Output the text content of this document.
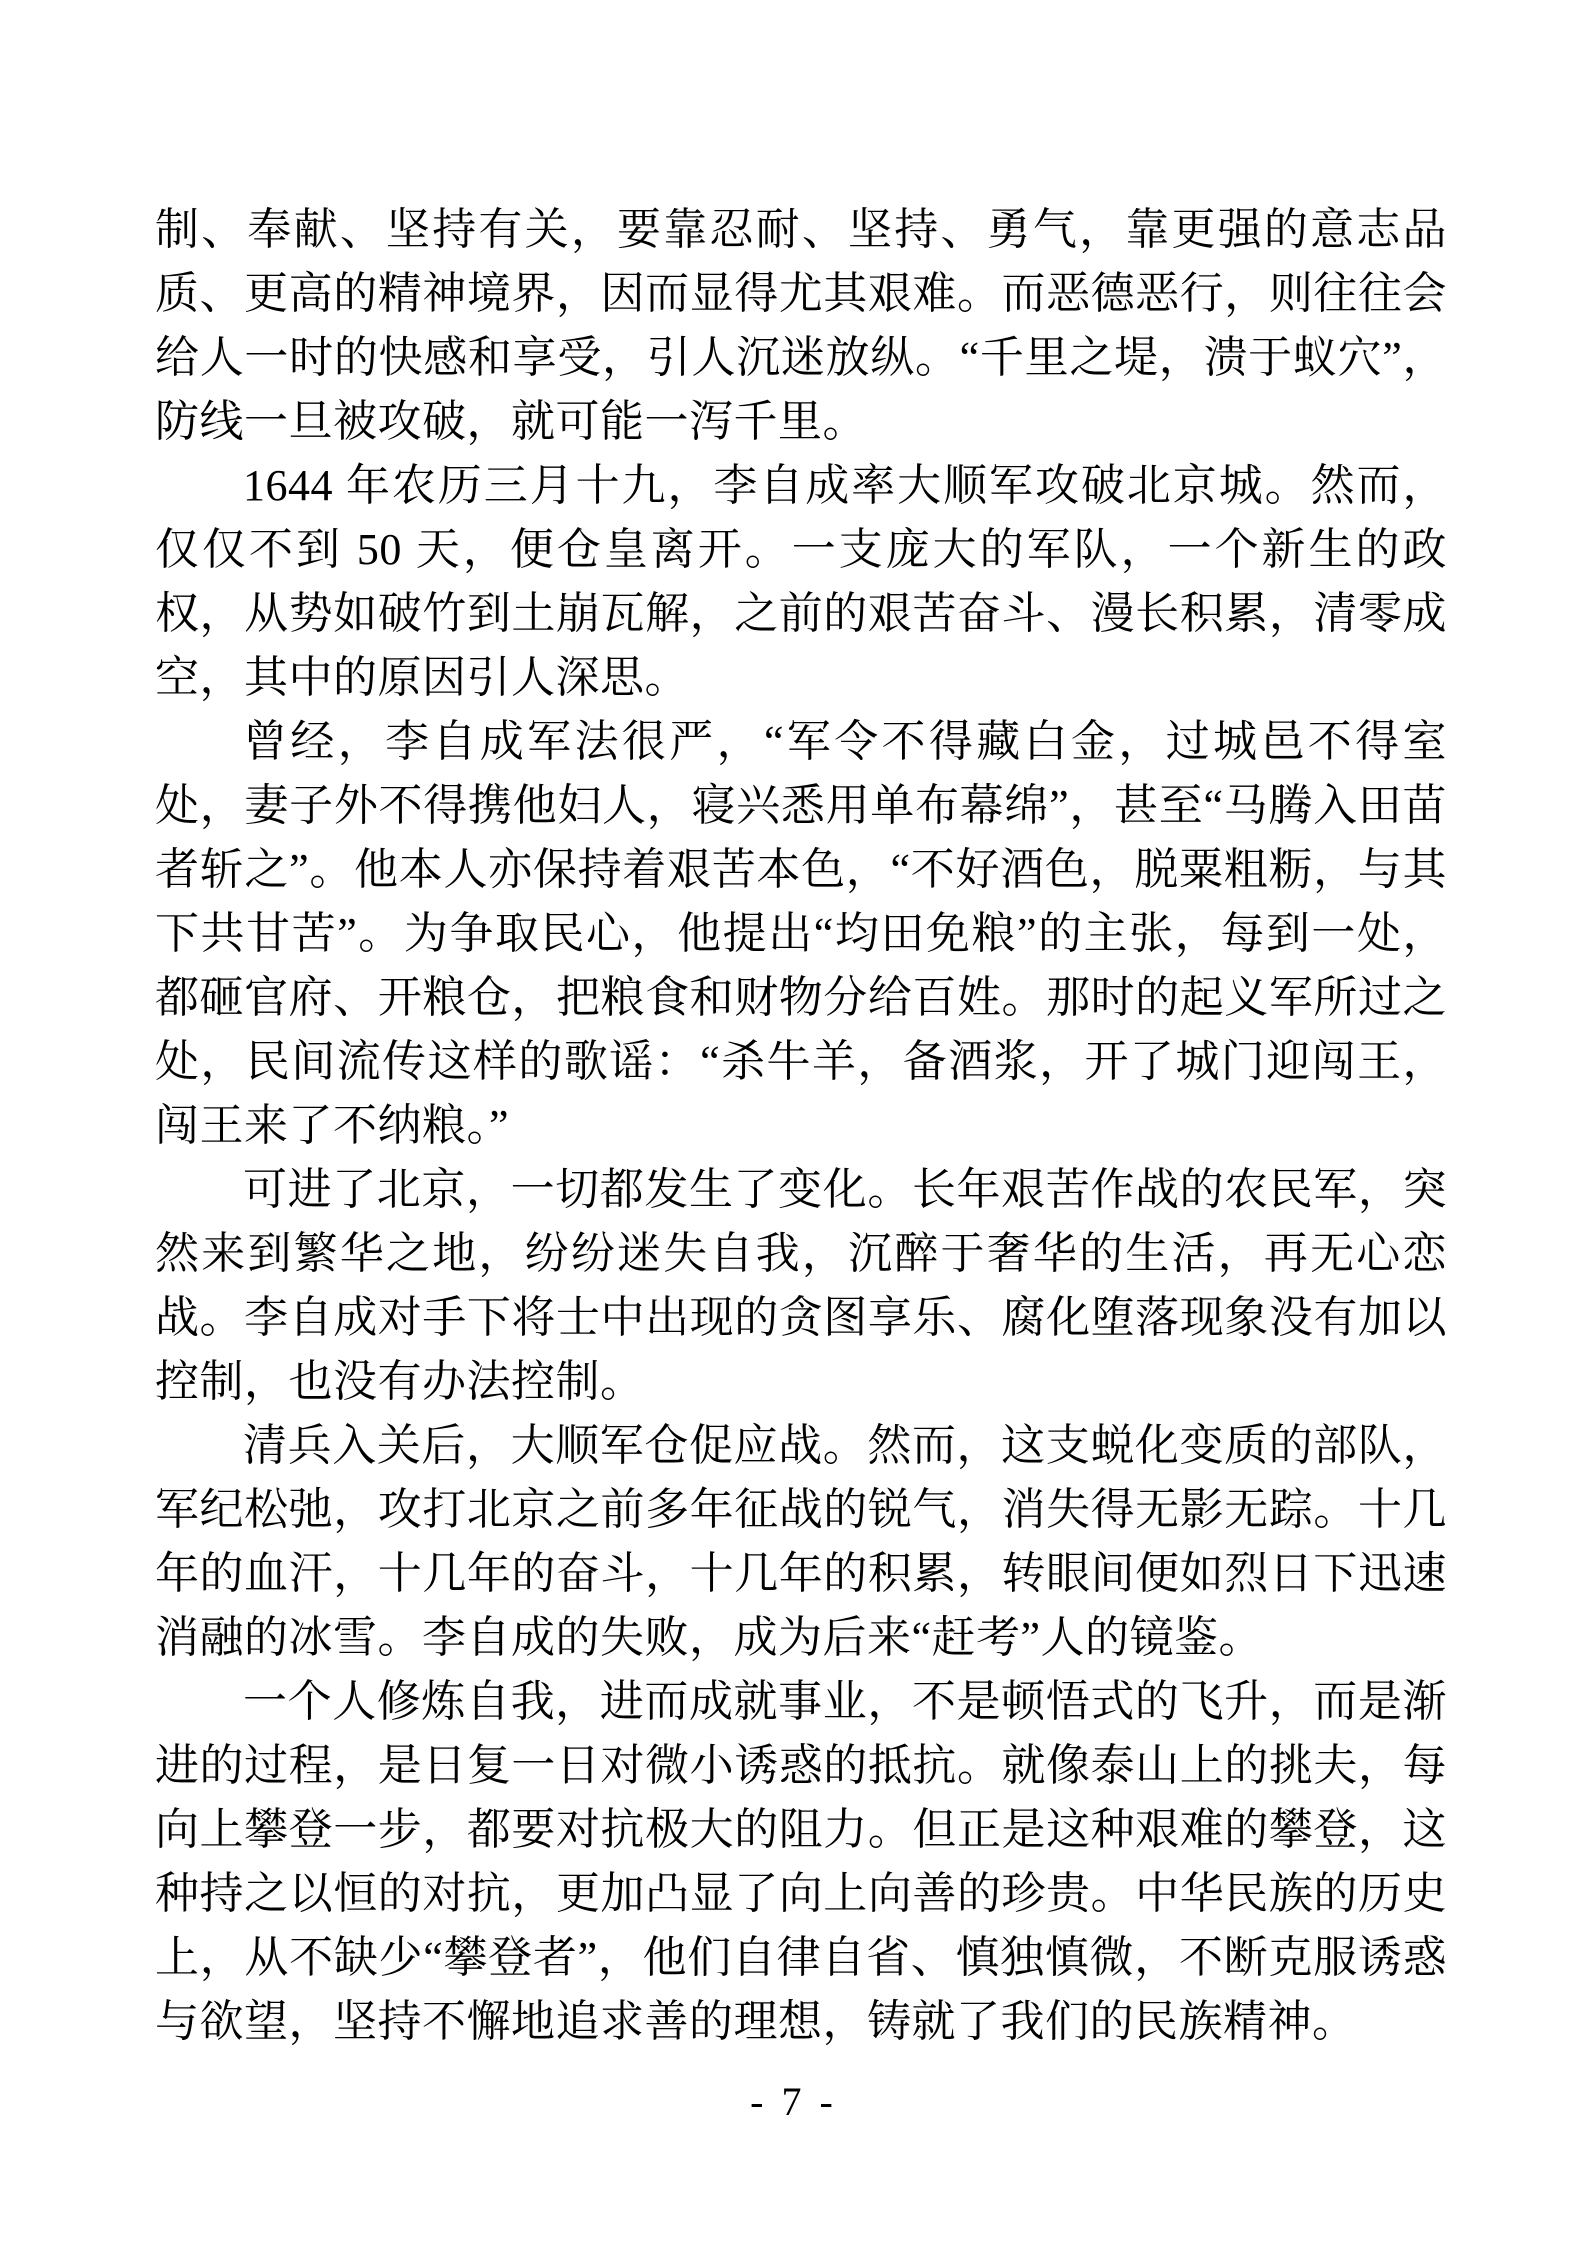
制、奉献、坚持有关，要靠忍耐、坚持、勇气，靠更强的意志品质、更高的精神境界，因而显得尤其艰难。而恶德恶行，则往往会给人一时的快感和享受，引人沉迷放纵。“千里之堤，溃于蚁穴”，防线一旦被攻破，就可能一泻千里。

1644 年农历三月十九，李自成率大顺军攻破北京城。然而，仅仅不到 50 天，便仓皇离开。一支庞大的军队，一个新生的政权，从势如破竹到土崩瓦解，之前的艰苦奋斗、漫长积累，清零成空，其中的原因引人深思。

曾经，李自成军法很严，“军令不得藏白金，过城邑不得室处，妻子外不得携他妇人，寝兴悉用单布幕绵”，甚至“马腾入田苗者斩之”。他本人亦保持着艰苦本色，“不好酒色，脱粟粗粝，与其下共甘苦”。为争取民心，他提出“均田免粮”的主张，每到一处，都砸官府、开粮仓，把粮食和财物分给百姓。那时的起义军所过之处，民间流传这样的歌谣：“杀牛羊，备酒浆，开了城门迎闯王，闯王来了不纳粮。”

可进了北京，一切都发生了变化。长年艰苦作战的农民军，突然来到繁华之地，纷纷迷失自我，沉醉于奢华的生活，再无心恋战。李自成对手下将士中出现的贪图享乐、腐化堕落现象没有加以控制，也没有办法控制。

清兵入关后，大顺军仓促应战。然而，这支蜕化变质的部队，军纪松弛，攻打北京之前多年征战的锐气，消失得无影无踪。十几年的血汗，十几年的奋斗，十几年的积累，转眼间便如烈日下迅速消融的冰雪。李自成的失败，成为后来“赶考”人的镜鉴。

一个人修炼自我，进而成就事业，不是顿悟式的飞升，而是渐进的过程，是日复一日对微小诱惑的抵抗。就像泰山上的挑夫，每向上攀登一步，都要对抗极大的阻力。但正是这种艰难的攀登，这种持之以恒的对抗，更加凸显了向上向善的珍贵。中华民族的历史上，从不缺少“攀登者”，他们自律自省、慎独慎微，不断克服诱惑与欲望，坚持不懈地追求善的理想，铸就了我们的民族精神。

- 7 -
